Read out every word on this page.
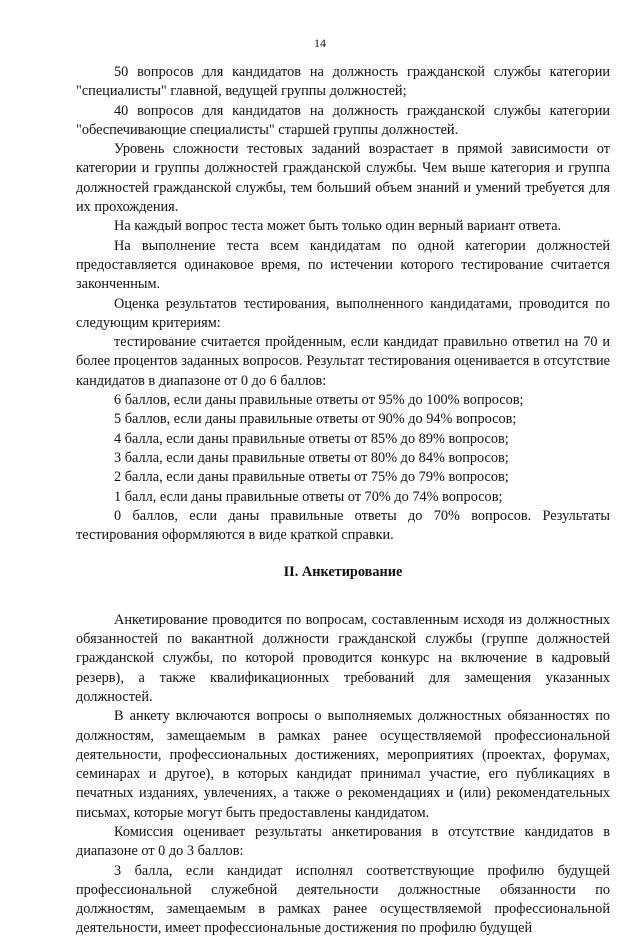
14

50 вопросов для кандидатов на должность гражданской службы категории "специалисты" главной, ведущей группы должностей;

40 вопросов для кандидатов на должность гражданской службы категории "обеспечивающие специалисты" старшей группы должностей.

Уровень сложности тестовых заданий возрастает в прямой зависимости от категории и группы должностей гражданской службы. Чем выше категория и группа должностей гражданской службы, тем больший объем знаний и умений требуется для их прохождения.

На каждый вопрос теста может быть только один верный вариант ответа.

На выполнение теста всем кандидатам по одной категории должностей предоставляется одинаковое время, по истечении которого тестирование считается законченным.

Оценка результатов тестирования, выполненного кандидатами, проводится по следующим критериям:

тестирование считается пройденным, если кандидат правильно ответил на 70 и более процентов заданных вопросов. Результат тестирования оценивается в отсутствие кандидатов в диапазоне от 0 до 6 баллов:

6 баллов, если даны правильные ответы от 95% до 100% вопросов;

5 баллов, если даны правильные ответы от 90% до 94% вопросов;

4 балла, если даны правильные ответы от 85% до 89% вопросов;

3 балла, если даны правильные ответы от 80% до 84% вопросов;

2 балла, если даны правильные ответы от 75% до 79% вопросов;

1 балл, если даны правильные ответы от 70% до 74% вопросов;

0 баллов, если даны правильные ответы до 70% вопросов. Результаты тестирования оформляются в виде краткой справки.

II. Анкетирование

Анкетирование проводится по вопросам, составленным исходя из должностных обязанностей по вакантной должности гражданской службы (группе должностей гражданской службы, по которой проводится конкурс на включение в кадровый резерв), а также квалификационных требований для замещения указанных должностей.

В анкету включаются вопросы о выполняемых должностных обязанностях по должностям, замещаемым в рамках ранее осуществляемой профессиональной деятельности, профессиональных достижениях, мероприятиях (проектах, форумах, семинарах и другое), в которых кандидат принимал участие, его публикациях в печатных изданиях, увлечениях, а также о рекомендациях и (или) рекомендательных письмах, которые могут быть предоставлены кандидатом.

Комиссия оценивает результаты анкетирования в отсутствие кандидатов в диапазоне от 0 до 3 баллов:

3 балла, если кандидат исполнял соответствующие профилю будущей профессиональной служебной деятельности должностные обязанности по должностям, замещаемым в рамках ранее осуществляемой профессиональной деятельности, имеет профессиональные достижения по профилю будущей
